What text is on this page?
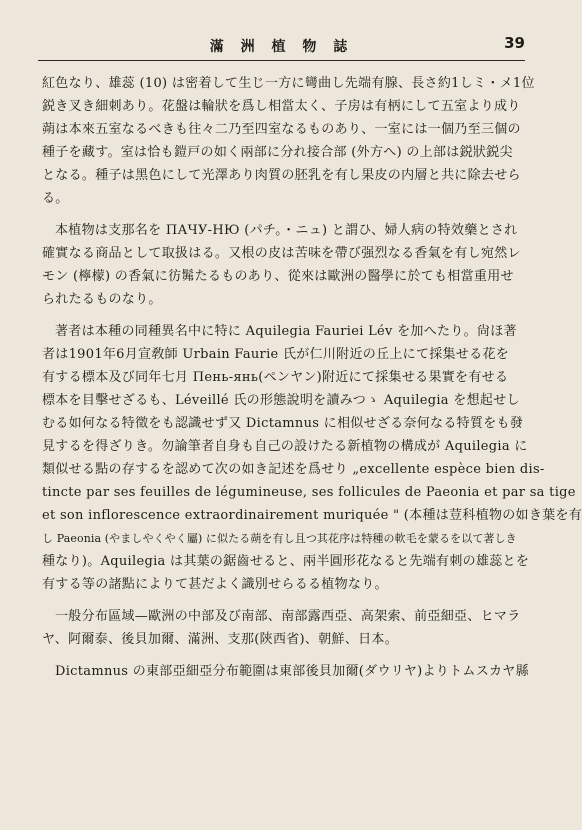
滿 洲 植 物 誌	39
紅色なり、雄蕊 (10) は密着して生じ一方に彎曲し先端有腺、長さ約1しミ・メ1位
鋭き叉き細刺あり。花盤は輪狀を爲し相當太く、子房は有柄にして五室より成り
蒴は本來五室なるべきも往々二乃至四室なるものあり、一室には一個乃至三個の
種子を藏す。室は恰も鎧戸の如く兩部に分れ接合部 (外方へ) の上部は鋭狀鋭尖
となる。種子は黑色にして光澤あり肉質の胚乳を有し果皮の内層と共に除去せら
る。
本植物は支那名を ПАЧУ-НЮ (パチ。・ニュ) と謂ひ、婦人病の特效藥とされ
確實なる商品として取扱はる。又根の皮は苦味を帶び强烈なる香氣を有し宛然レ
モン (檸檬) の香氣に彷髴たるものあり、從來は歐洲の醫學に於ても相當重用せ
られたるものなり。
著者は本種の同種異名中に特に Aquilegia Fauriei Lév を加へたり。尙ほ著
者は1901年6月宣敎師 Urbain Faurie 氏が仁川附近の丘上にて採集せる花を
有する標本及び同年七月 Пень-янь(ペンヤン)附近にて採集せる果實を有せる
標本を目擊せざるも、Léveillé 氏の形態說明を讀みつゝ Aquilegia を想起せし
むる如何なる特徵をも認識せず又 Dictamnus に相似せざる奈何なる特質をも發
見するを得ざりき。勿論筆者自身も自己の設けたる新植物の構成が Aquilegia に
類似せる點の存するを認めて次の如き記述を爲せり „excellente espèce bien dis-
tincte par ses feuilles de légumineuse, ses follicules de Paeonia et par sa tige
et son inflorescence extraordinairement muriquée " (本種は荳科植物の如き葉を有
し Paeonia (やましやくやく屬) に似たる蒴を有し且つ其花序は特種の軟毛を蒙るを以て著しき
種なり)。Aquilegia は其葉の鋸齒せると、兩半圓形花なると先端有刺の雄蕊とを
有する等の諸點によりて甚だよく識別せらるる植物なり。
一般分布區域—歐洲の中部及び南部、南部露西亞、高架索、前亞細亞、ヒマラ
ヤ、阿爾泰、後貝加爾、滿洲、支那(陝西省)、朝鮮、日本。
Dictamnus の東部亞細亞分布範圍は東部後貝加爾(ダウリヤ)よりトムスカヤ縣
